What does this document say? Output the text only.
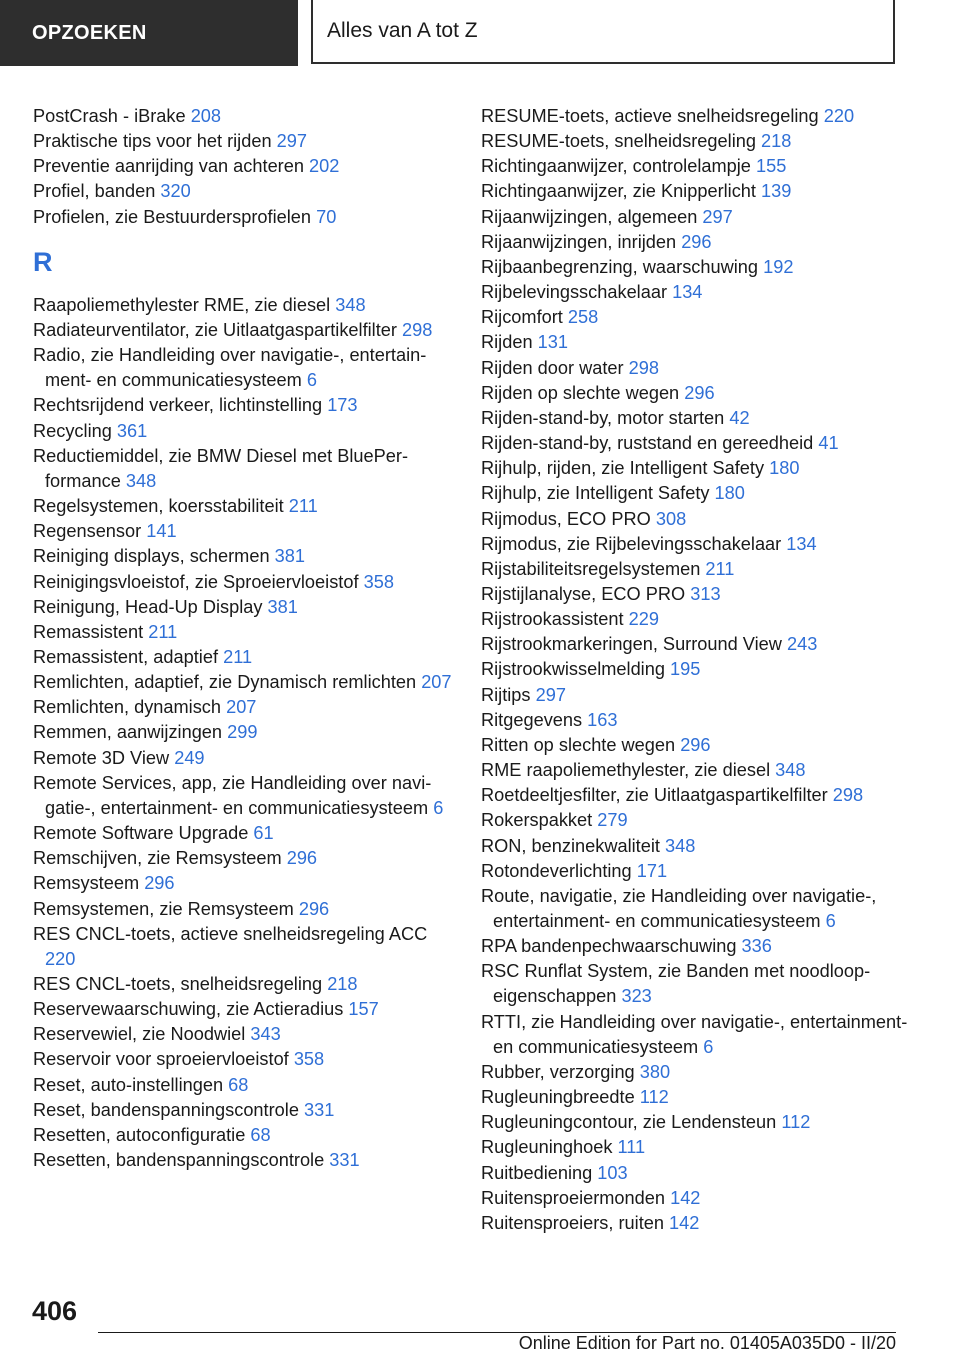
OPZOEKEN	Alles van A tot Z
PostCrash - iBrake 208
Praktische tips voor het rijden 297
Preventie aanrijding van achteren 202
Profiel, banden 320
Profielen, zie Bestuurdersprofielen 70
R
Raapoliemethylester RME, zie diesel 348
Radiateurventilator, zie Uitlaatgaspartikelfilter 298
Radio, zie Handleiding over navigatie-, entertainment- en communicatiesysteem 6
Rechtsrijdend verkeer, lichtinstelling 173
Recycling 361
Reductiemiddel, zie BMW Diesel met BluePerformance 348
Regelsystemen, koersstabiliteit 211
Regensensor 141
Reiniging displays, schermen 381
Reinigingsvloeistof, zie Sproeiervloeistof 358
Reinigung, Head-Up Display 381
Remassistent 211
Remassistent, adaptief 211
Remlichten, adaptief, zie Dynamisch remlichten 207
Remlichten, dynamisch 207
Remmen, aanwijzingen 299
Remote 3D View 249
Remote Services, app, zie Handleiding over navigatie-, entertainment- en communicatiesysteem 6
Remote Software Upgrade 61
Remschijven, zie Remsysteem 296
Remsysteem 296
Remsystemen, zie Remsysteem 296
RES CNCL-toets, actieve snelheidsregeling ACC 220
RES CNCL-toets, snelheidsregeling 218
Reservewaarschuwing, zie Actieradius 157
Reservewiel, zie Noodwiel 343
Reservoir voor sproeiervloeistof 358
Reset, auto-instellingen 68
Reset, bandenspanningscontrole 331
Resetten, autoconfiguratie 68
Resetten, bandenspanningscontrole 331
RESUME-toets, actieve snelheidsregeling 220
RESUME-toets, snelheidsregeling 218
Richtingaanwijzer, controlelampje 155
Richtingaanwijzer, zie Knipperlicht 139
Rijaanwijzingen, algemeen 297
Rijaanwijzingen, inrijden 296
Rijbaanbegrenzing, waarschuwing 192
Rijbelevingsschakelaar 134
Rijcomfort 258
Rijden 131
Rijden door water 298
Rijden op slechte wegen 296
Rijden-stand-by, motor starten 42
Rijden-stand-by, ruststand en gereedheid 41
Rijhulp, rijden, zie Intelligent Safety 180
Rijhulp, zie Intelligent Safety 180
Rijmodus, ECO PRO 308
Rijmodus, zie Rijbelevingsschakelaar 134
Rijstabiliteitsregelsystemen 211
Rijstijlanalyse, ECO PRO 313
Rijstrookassistent 229
Rijstrookmarkeringen, Surround View 243
Rijstrookwisselmelding 195
Rijtips 297
Ritgegevens 163
Ritten op slechte wegen 296
RME raapoliemethylester, zie diesel 348
Roetdeeltjesfilter, zie Uitlaatgaspartikelfilter 298
Rokerspakket 279
RON, benzinekwaliteit 348
Rotondeverlichting 171
Route, navigatie, zie Handleiding over navigatie-, entertainment- en communicatiesysteem 6
RPA bandenpechwaarschuwing 336
RSC Runflat System, zie Banden met noodloopeigenschappen 323
RTTI, zie Handleiding over navigatie-, entertainment- en communicatiesysteem 6
Rubber, verzorging 380
Rugleuningbreedte 112
Rugleuningcontour, zie Lendensteun 112
Rugleuninghoek 111
Ruitbediening 103
Ruitensproeiermonden 142
Ruitensproeiers, ruiten 142
406
Online Edition for Part no. 01405A035D0 - II/20
